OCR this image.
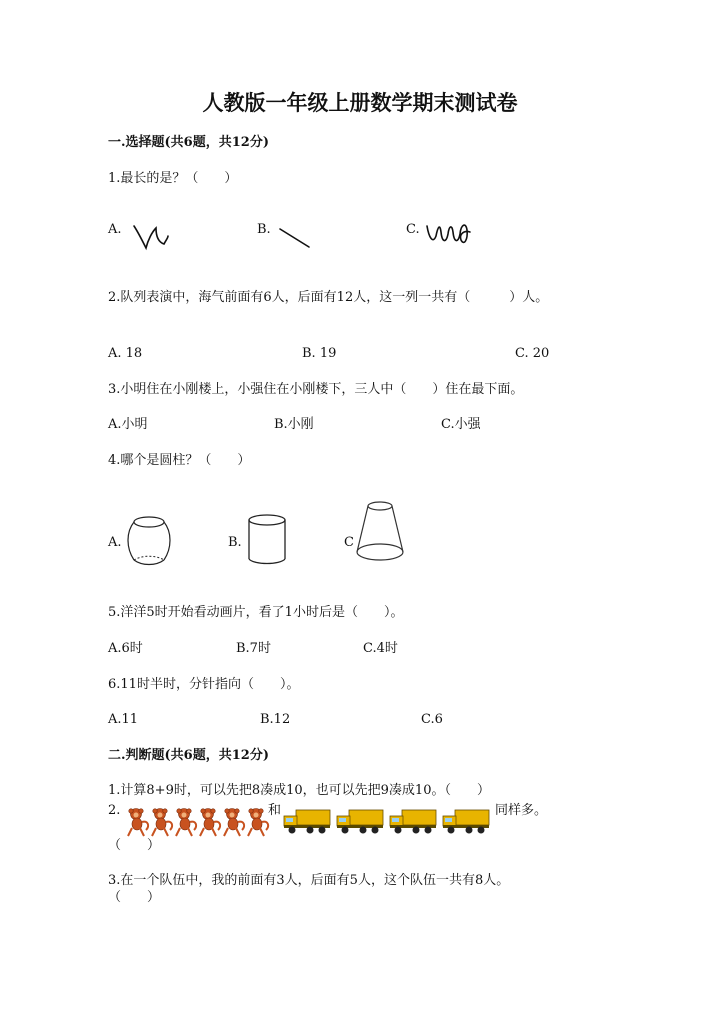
人教版一年级上册数学期末测试卷
一.选择题(共6题，共12分)
1.最长的是？（　　）
A.	B.	C.
2.队列表演中，海气前面有6人，后面有12人，这一列一共有（　　　）人。
A. 18	B. 19	C. 20
3.小明住在小刚楼上，小强住在小刚楼下，三人中（　　）住在最下面。
A.小明	B.小刚	C.小强
4.哪个是圆柱？（　　）
A.	B.	C
5.洋洋5时开始看动画片，看了1小时后是（　　）。
A.6时	B.7时	C.4时
6.11时半时，分针指向（　　）。
A.11	B.12	C.6
二.判断题(共6题，共12分)
1.计算8+9时，可以先把8凑成10，也可以先把9凑成10。（　　）
2.	和	同样多。
（　　）
3.在一个队伍中，我的前面有3人，后面有5人，这个队伍一共有8人。
（　　）
